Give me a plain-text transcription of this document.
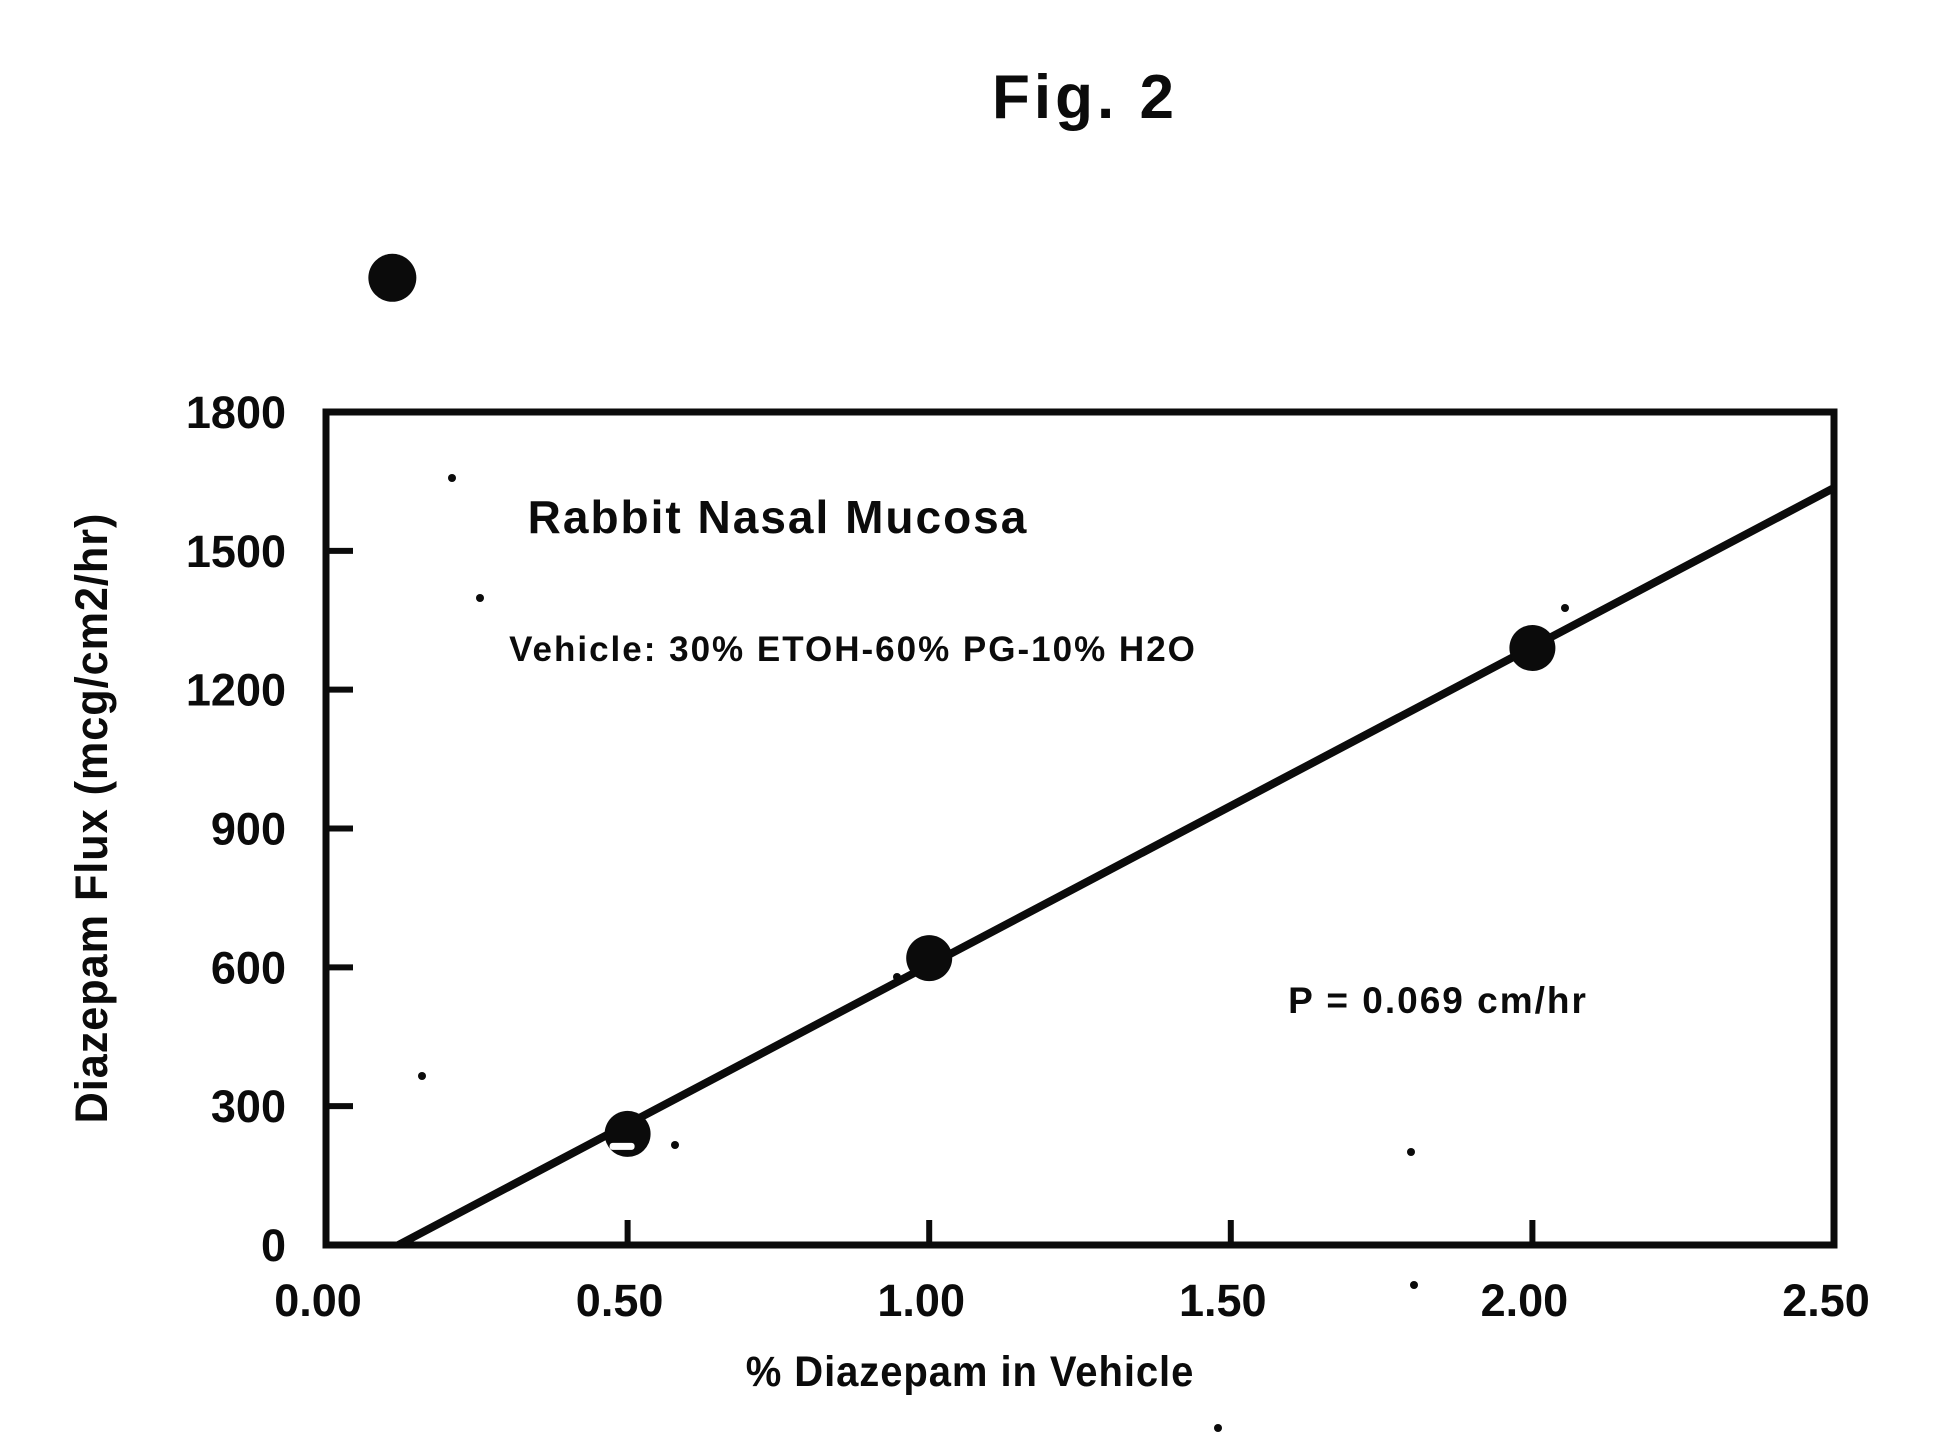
Fig. 2
0
300
600
900
1200
1500
1800
0.00	0.50	1.00	1.50	2.00	2.50
Rabbit Nasal Mucosa
Vehicle: 30% ETOH-60% PG-10% H2O
P = 0.069 cm/hr
Diazepam Flux (mcg/cm2/hr)
% Diazepam in Vehicle
